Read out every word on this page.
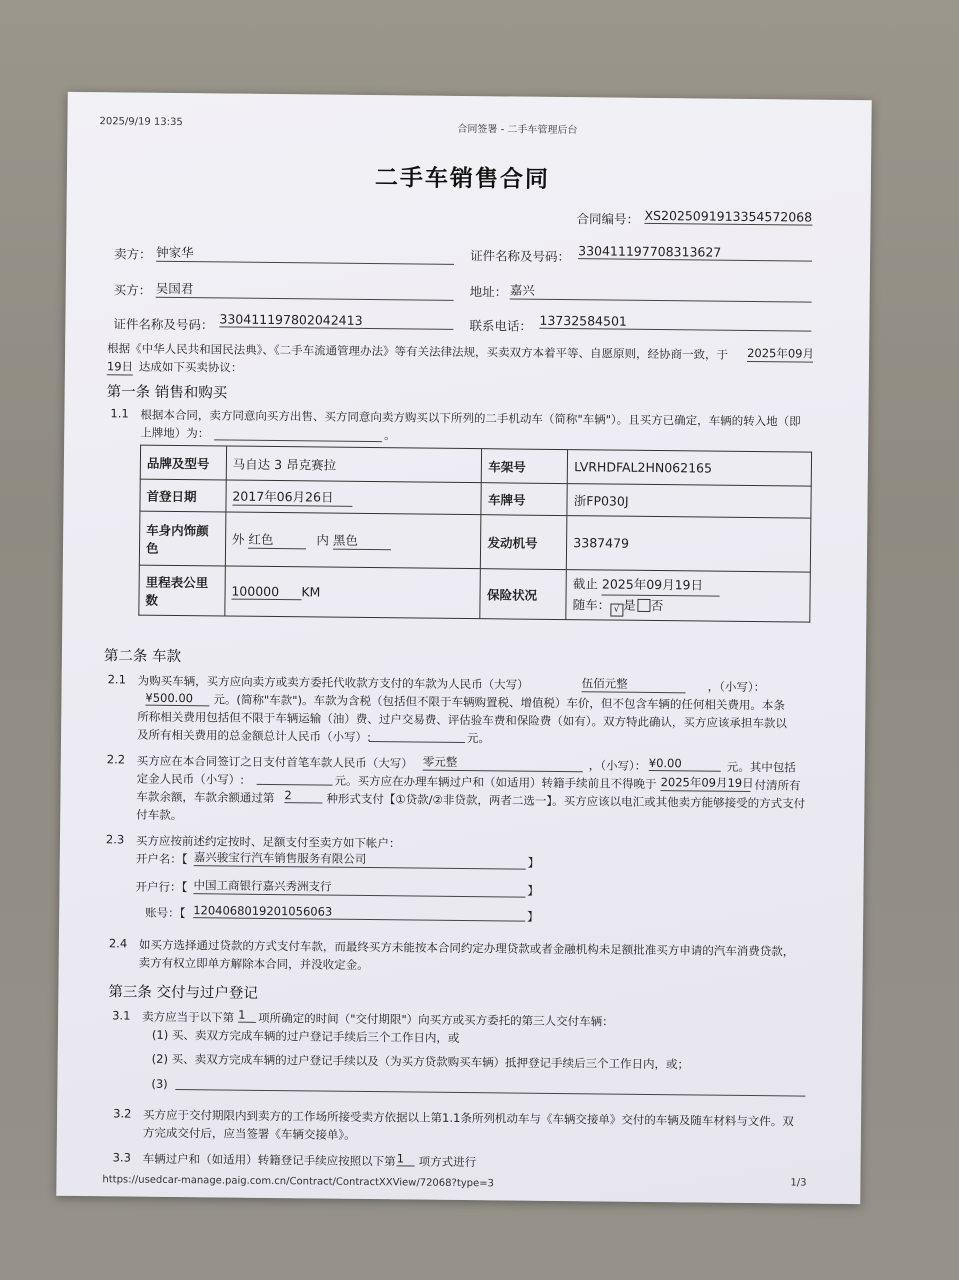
2025/9/19 13:35
合同签署 - 二手车管理后台
二手车销售合同
合同编号： XS2025091913354572068
卖方： 钟家华	证件名称及号码： 330411197708313627
买方： 吴国君	地址： 嘉兴
证件名称及号码： 330411197802042413	联系电话： 13732584501
根据《中华人民共和国民法典》、《二手车流通管理办法》等有关法律法规，买卖双方本着平等、自愿原则，经协商一致，于 2025年09月
19日 达成如下买卖协议：
第一条 销售和购买
1.1 根据本合同，卖方同意向买方出售、买方同意向卖方购买以下所列的二手机动车（简称"车辆"）。且买方已确定，车辆的转入地（即
上牌地）为：	。
品牌及型号	马自达 3 昂克赛拉	车架号	LVRHDFAL2HN062165
首登日期	2017年06月26日	车牌号	浙FP030J
车身内饰颜
色	外 红色 内 黑色	发动机号	3387479
里程表公里
数	100000 KM	保险状况	截止 2025年09月19日
随车： √ 是 否
第二条 车款
2.1 为购买车辆，买方应向卖方或卖方委托代收款方支付的车款为人民币（大写）	伍佰元整	，（小写）：
¥500.00	元。(简称"车款")。车款为含税（包括但不限于车辆购置税、增值税）车价，但不包含车辆的任何相关费用。本条
所称相关费用包括但不限于车辆运输（油）费、过户交易费、评估验车费和保险费（如有）。双方特此确认，买方应该承担车款以
及所有相关费用的总金额总计人民币（小写）:	元。
2.2 买方应在本合同签订之日支付首笔车款人民币（大写） 零元整	，（小写）： ¥0.00	元。其中包括
定金人民币（小写）:	元。买方应在办理车辆过户和（如适用）转籍手续前且不得晚于 2025年09月19日 付清所有
车款余额，车款余额通过第 2	种形式支付【①贷款/②非贷款，两者二选一】。买方应该以电汇或其他卖方能够接受的方式支付
付车款。
2.3 买方应按前述约定按时、足额支付至卖方如下帐户：
开户名：【 嘉兴骏宝行汽车销售服务有限公司	】
开户行：【 中国工商银行嘉兴秀洲支行	】
账号：【 1204068019201056063	】
2.4 如买方选择通过贷款的方式支付车款，而最终买方未能按本合同约定办理贷款或者金融机构未足额批准买方申请的汽车消费贷款，
卖方有权立即单方解除本合同，并没收定金。
第三条 交付与过户登记
3.1 卖方应当于以下第 1	项所确定的时间（"交付期限"）向买方或买方委托的第三人交付车辆：
(1) 买、卖双方完成车辆的过户登记手续后三个工作日内，或
(2) 买、卖双方完成车辆的过户登记手续以及（为买方贷款购买车辆）抵押登记手续后三个工作日内，或；
(3)
3.2 买方应于交付期限内到卖方的工作场所接受卖方依据以上第1.1条所列机动车与《车辆交接单》交付的车辆及随车材料与文件。双
方完成交付后，应当签署《车辆交接单》。
3.3 车辆过户和（如适用）转籍登记手续应按照以下第 1	项方式进行
https://usedcar-manage.paig.com.cn/Contract/ContractXXView/72068?type=3	1/3
